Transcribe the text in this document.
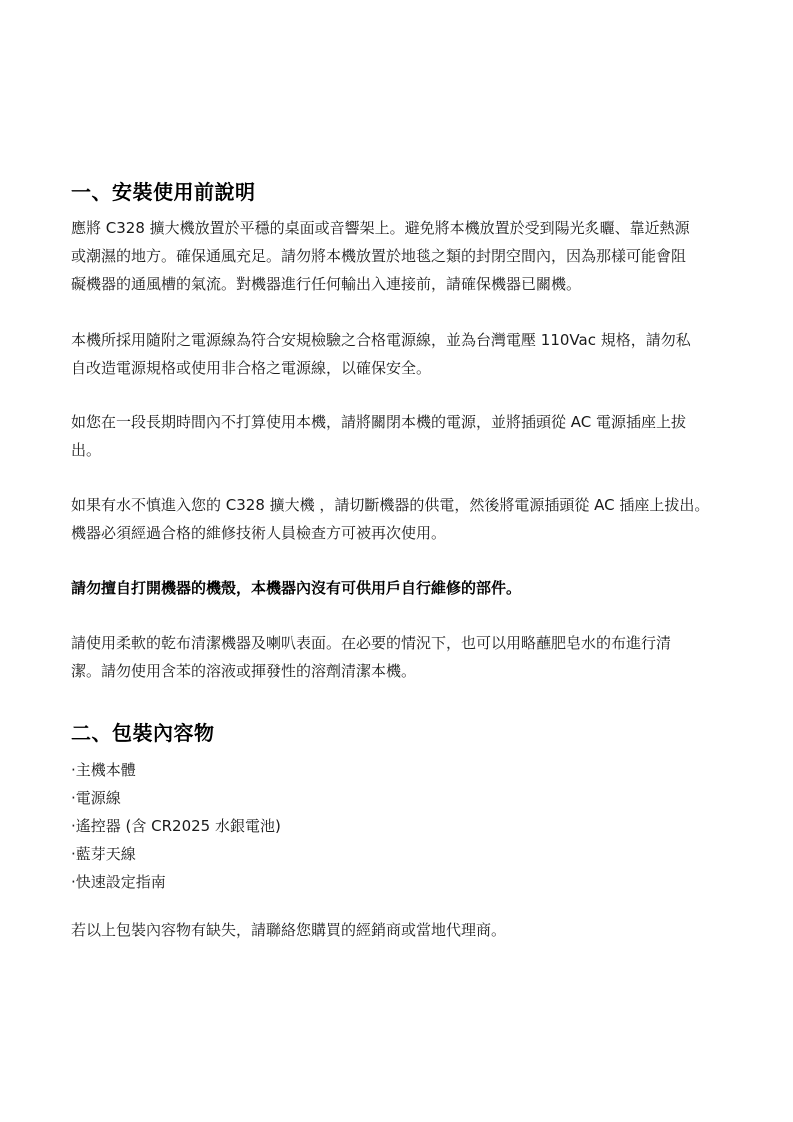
一、安裝使用前說明
應將 C328 擴大機放置於平穩的桌面或音響架上。避免將本機放置於受到陽光炙曬、靠近熱源
或潮濕的地方。確保通風充足。請勿將本機放置於地毯之類的封閉空間內，因為那樣可能會阻
礙機器的通風槽的氣流。對機器進行任何輸出入連接前，請確保機器已關機。
本機所採用隨附之電源線為符合安規檢驗之合格電源線，並為台灣電壓 110Vac 規格，請勿私
自改造電源規格或使用非合格之電源線，以確保安全。
如您在一段長期時間內不打算使用本機，請將關閉本機的電源，並將插頭從 AC 電源插座上拔
出。
如果有水不慎進入您的 C328 擴大機 ，請切斷機器的供電，然後將電源插頭從 AC 插座上拔出。
機器必須經過合格的維修技術人員檢查方可被再次使用。
請勿擅自打開機器的機殼，本機器內沒有可供用戶自行維修的部件。
請使用柔軟的乾布清潔機器及喇叭表面。在必要的情況下，也可以用略蘸肥皂水的布進行清
潔。請勿使用含苯的溶液或揮發性的溶劑清潔本機。
二、包裝內容物
‧主機本體
‧電源線
‧遙控器 (含 CR2025 水銀電池)
‧藍芽天線
‧快速設定指南
若以上包裝內容物有缺失，請聯絡您購買的經銷商或當地代理商。
